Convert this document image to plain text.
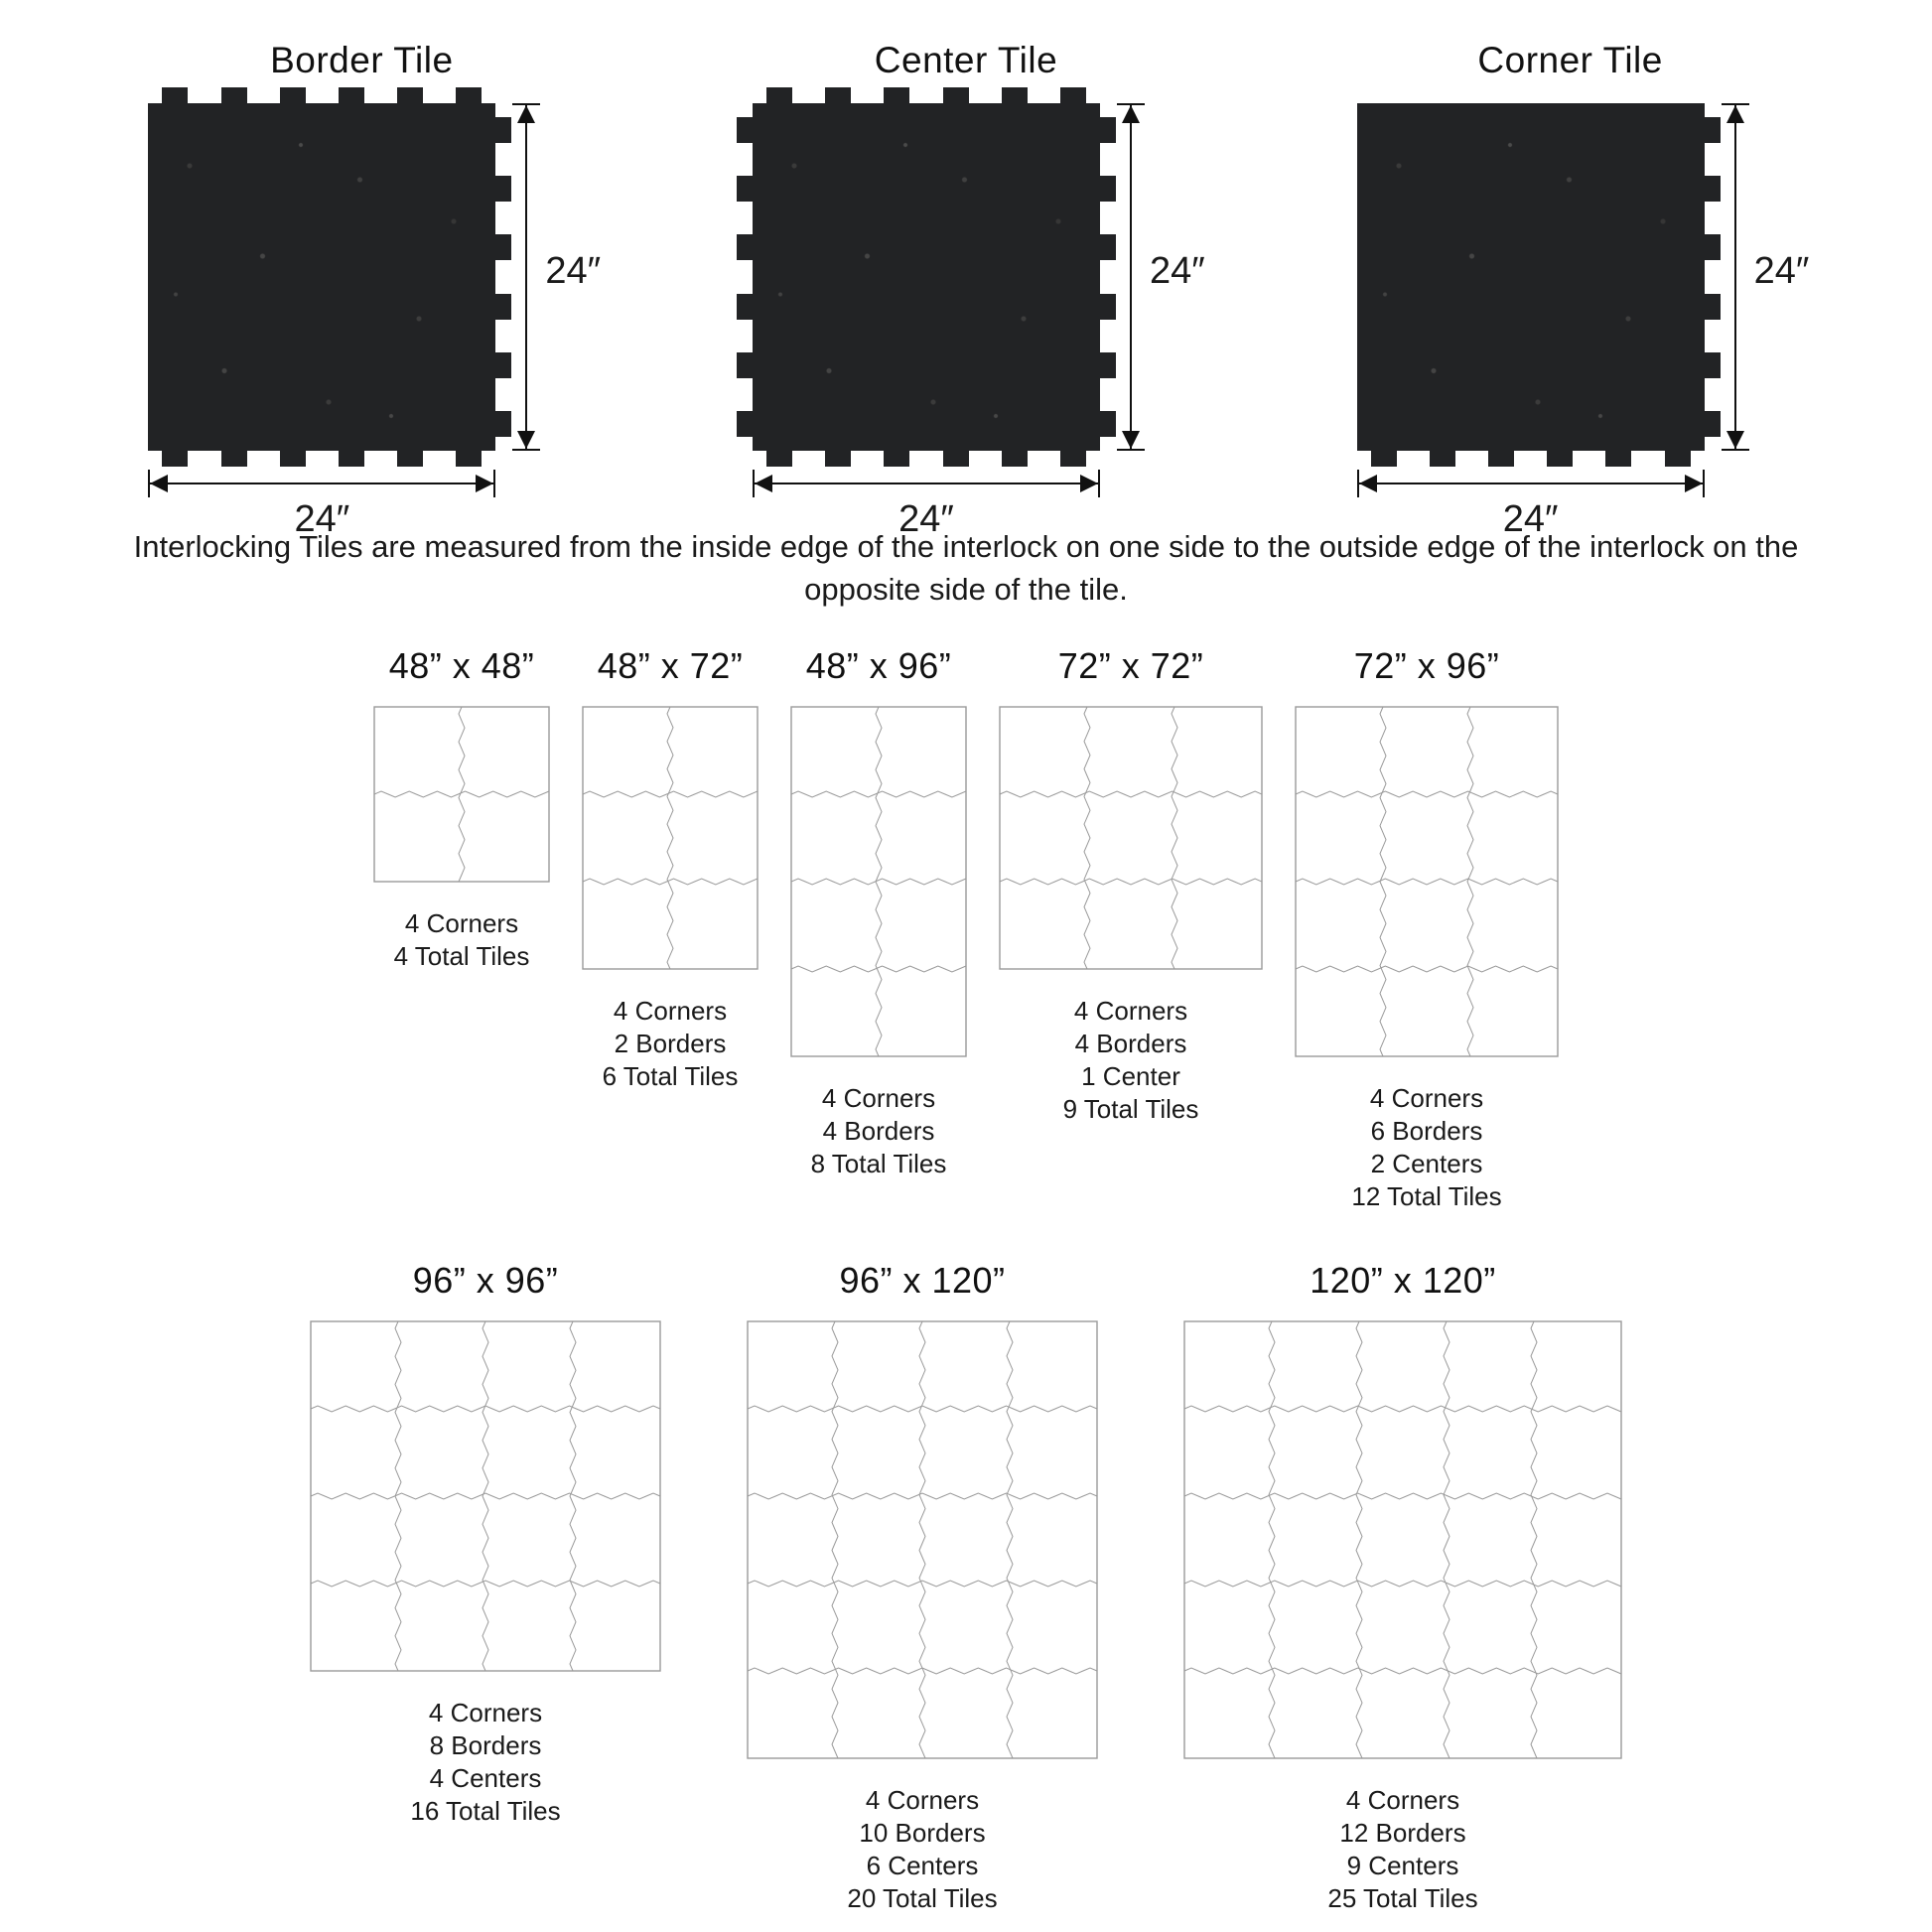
Border Tile
24″
24″
Center Tile
24″
24″
Corner Tile
24″
24″
Interlocking Tiles are measured from the inside edge of the interlock on one side to the outside edge of the interlock on the opposite side of the tile.
48” x 48”
4 Corners
4 Total Tiles
48” x 72”
4 Corners
2 Borders
6 Total Tiles
48” x 96”
4 Corners
4 Borders
8 Total Tiles
72” x 72”
4 Corners
4 Borders
1 Center
9 Total Tiles
72” x 96”
4 Corners
6 Borders
2 Centers
12 Total Tiles
96” x 96”
4 Corners
8 Borders
4 Centers
16 Total Tiles
96” x 120”
4 Corners
10 Borders
6 Centers
20 Total Tiles
120” x 120”
4 Corners
12 Borders
9 Centers
25 Total Tiles
